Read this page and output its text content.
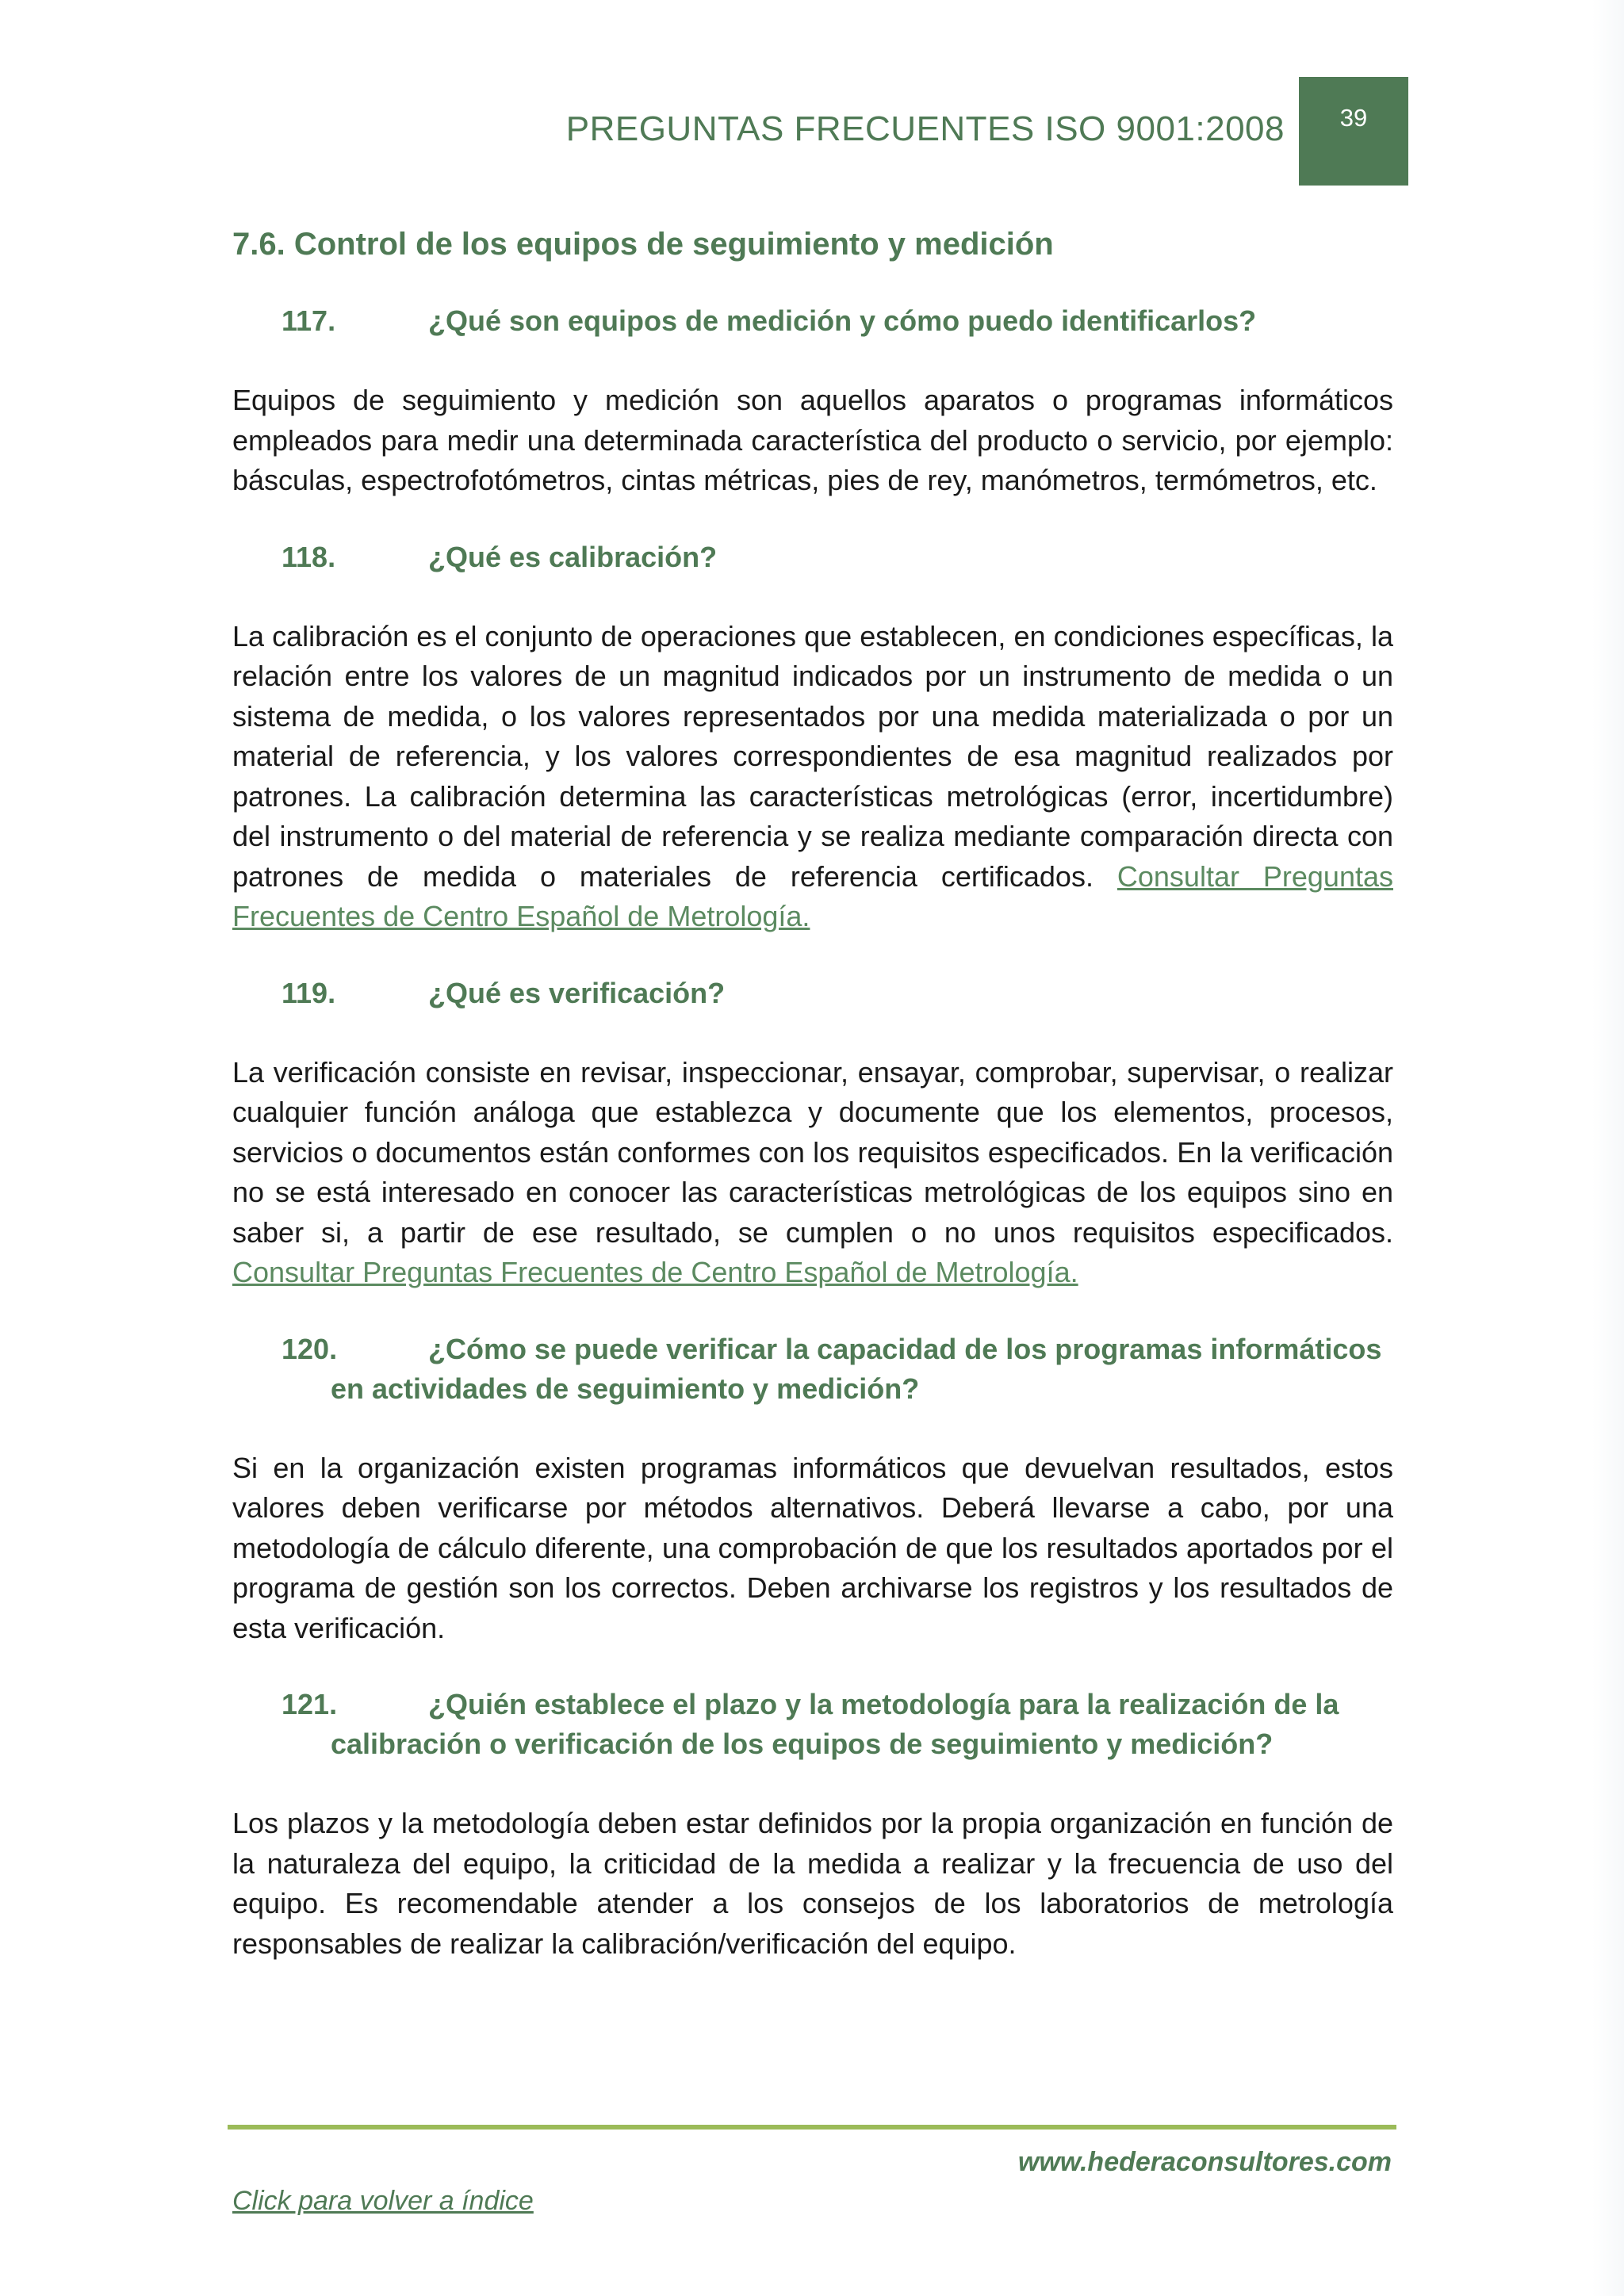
PREGUNTAS FRECUENTES ISO 9001:2008 39
7.6. Control de los equipos de seguimiento y medición
117.	¿Qué son equipos de medición y cómo puedo identificarlos?

Equipos de seguimiento y medición son aquellos aparatos o programas informáticos empleados para medir una determinada característica del producto o servicio, por ejemplo: básculas, espectrofotómetros, cintas métricas, pies de rey, manómetros, termómetros, etc.

118.	¿Qué es calibración?

La calibración es el conjunto de operaciones que establecen, en condiciones específicas, la relación entre los valores de un magnitud indicados por un instrumento de medida o un sistema de medida, o los valores representados por una medida materializada o por un material de referencia, y los valores correspondientes de esa magnitud realizados por patrones. La calibración determina las características metrológicas (error, incertidumbre) del instrumento o del material de referencia y se realiza mediante comparación directa con patrones de medida o materiales de referencia certificados. Consultar Preguntas Frecuentes de Centro Español de Metrología.

119.	¿Qué es verificación?

La verificación consiste en revisar, inspeccionar, ensayar, comprobar, supervisar, o realizar cualquier función análoga que establezca y documente que los elementos, procesos, servicios o documentos están conformes con los requisitos especificados. En la verificación no se está interesado en conocer las características metrológicas de los equipos sino en saber si, a partir de ese resultado, se cumplen o no unos requisitos especificados. Consultar Preguntas Frecuentes de Centro Español de Metrología.

120.	¿Cómo se puede verificar la capacidad de los programas informáticos
en actividades de seguimiento y medición?

Si en la organización existen programas informáticos que devuelvan resultados, estos valores deben verificarse por métodos alternativos. Deberá llevarse a cabo, por una metodología de cálculo diferente, una comprobación de que los resultados aportados por el programa de gestión son los correctos. Deben archivarse los registros y los resultados de esta verificación.

121.	¿Quién establece el plazo y la metodología para la realización de la
calibración o verificación de los equipos de seguimiento y medición?

Los plazos y la metodología deben estar definidos por la propia organización en función de la naturaleza del equipo, la criticidad de la medida a realizar y la frecuencia de uso del equipo. Es recomendable atender a los consejos de los laboratorios de metrología responsables de realizar la calibración/verificación del equipo.

www.hederaconsultores.com
Click para volver a índice
